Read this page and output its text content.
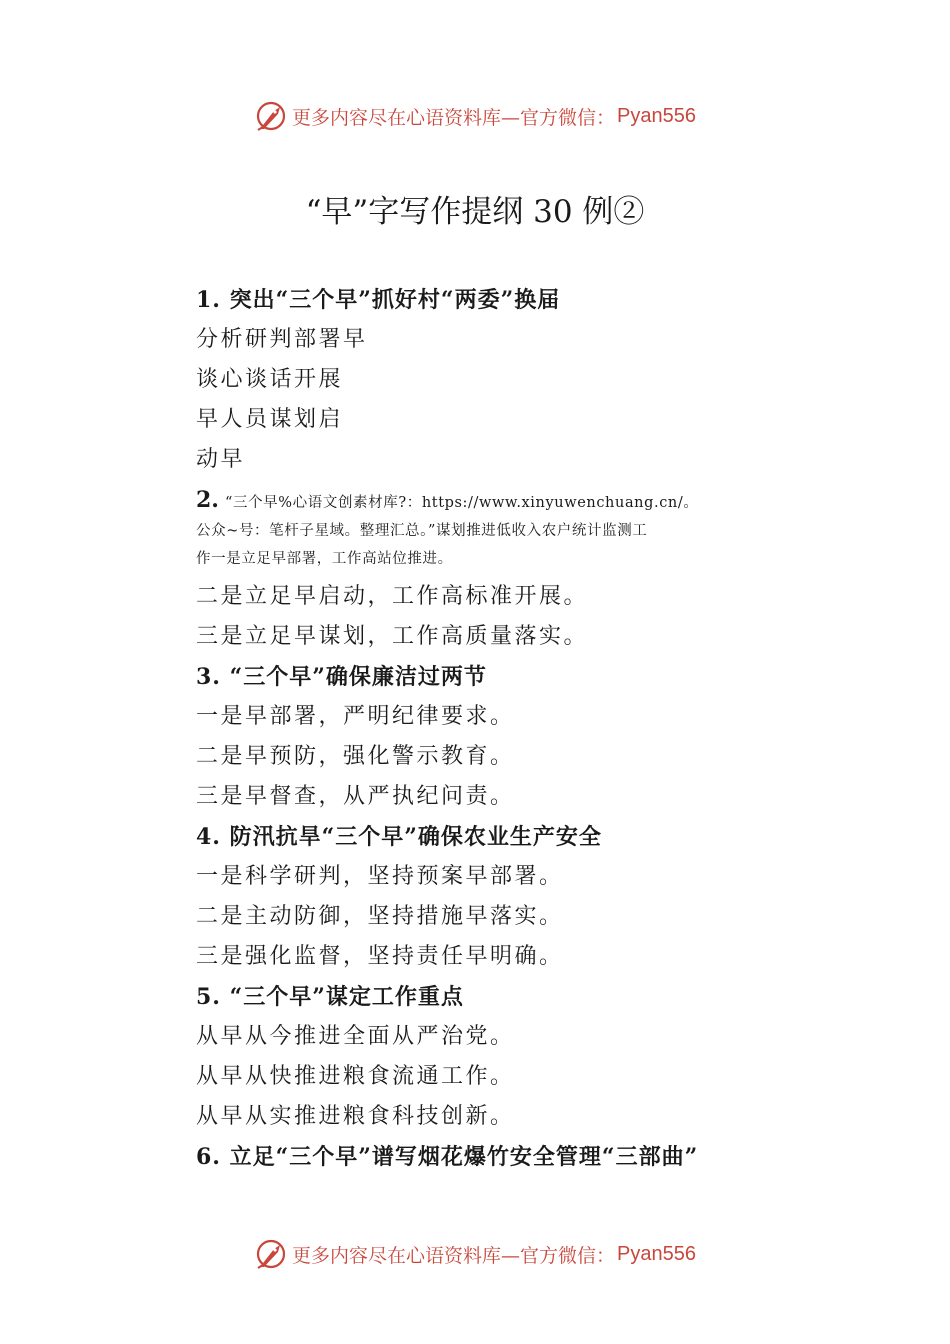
更多内容尽在心语资料库—官方微信： Pyan556
“早”字写作提纲 30 例②
1. 突出“三个早”抓好村“两委”换届
分析研判部署早
谈心谈话开展
早人员谋划启
动早
2. “三个早%心语文创素材库?：https://www.xinyuwenchuang.cn/。
公众~号：笔杆子星域。整理汇总。”谋划推进低收入农户统计监测工
作一是立足早部署，工作高站位推进。
二是立足早启动，工作高标准开展。
三是立足早谋划，工作高质量落实。
3. “三个早”确保廉洁过两节
一是早部署，严明纪律要求。
二是早预防，强化警示教育。
三是早督查，从严执纪问责。
4. 防汛抗旱“三个早”确保农业生产安全
一是科学研判，坚持预案早部署。
二是主动防御，坚持措施早落实。
三是强化监督，坚持责任早明确。
5. “三个早”谋定工作重点
从早从今推进全面从严治党。
从早从快推进粮食流通工作。
从早从实推进粮食科技创新。
6. 立足“三个早”谱写烟花爆竹安全管理“三部曲”
更多内容尽在心语资料库—官方微信： Pyan556
